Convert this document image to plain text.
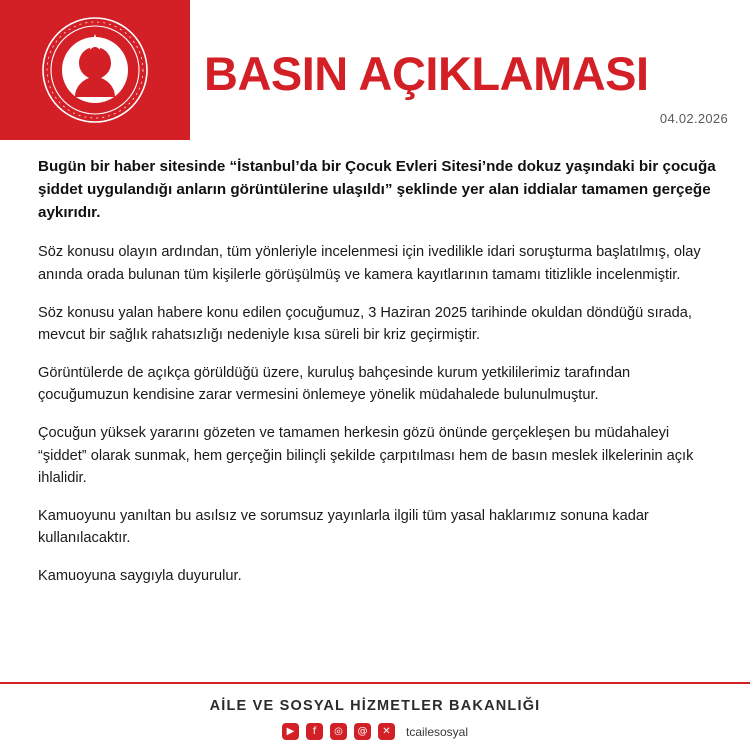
BASIN AÇIKLAMASI
04.02.2026

Bugün bir haber sitesinde “İstanbul’da bir Çocuk Evleri Sitesi’nde dokuz yaşındaki bir çocuğa şiddet uygulandığı anların görüntülerine ulaşıldı” şeklinde yer alan iddialar tamamen gerçeğe aykırıdır.

Söz konusu olayın ardından, tüm yönleriyle incelenmesi için ivedilikle idari soruşturma başlatılmış, olay anında orada bulunan tüm kişilerle görüşülmüş ve kamera kayıtlarının tamamı titizlikle incelenmiştir.

Söz konusu yalan habere konu edilen çocuğumuz, 3 Haziran 2025 tarihinde okuldan döndüğü sırada, mevcut bir sağlık rahatsızlığı nedeniyle kısa süreli bir kriz geçirmiştir.

Görüntülerde de açıkça görüldüğü üzere, kuruluş bahçesinde kurum yetkililerimiz tarafından çocuğumuzun kendisine zarar vermesini önlemeye yönelik müdahalede bulunulmuştur.

Çocuğun yüksek yararını gözeten ve tamamen herkesin gözü önünde gerçekleşen bu müdahaleyi “şiddet” olarak sunmak, hem gerçeğin bilinçli şekilde çarpıtılması hem de basın meslek ilkelerinin açık ihlalidir.

Kamuoyunu yanıltan bu asılsız ve sorumsuz yayınlarla ilgili tüm yasal haklarımız sonuna kadar kullanılacaktır.

Kamuoyuna saygıyla duyurulur.

AİLE VE SOSYAL HİZMETLER BAKANLIĞI
▶	f	◎	@	✕	tcailesosyal
